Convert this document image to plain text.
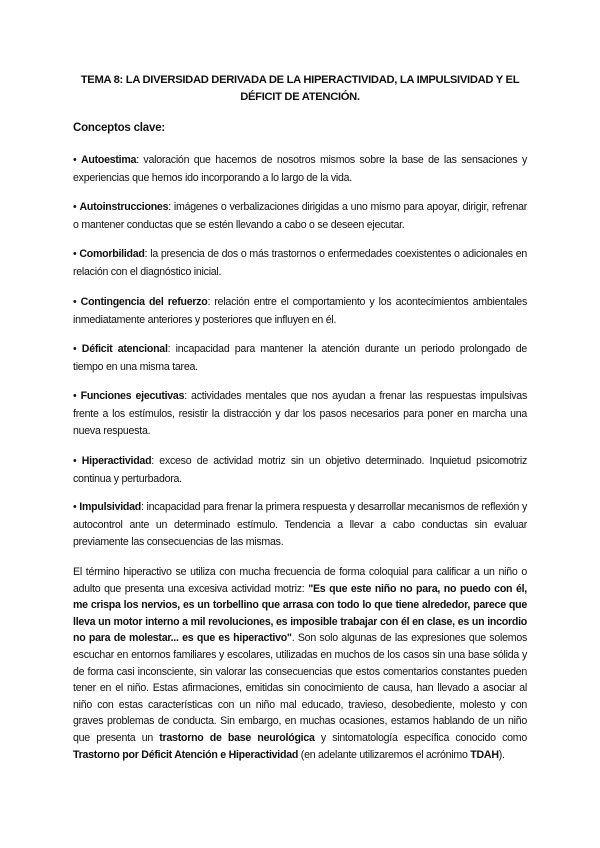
TEMA 8: LA DIVERSIDAD DERIVADA DE LA HIPERACTIVIDAD, LA IMPULSIVIDAD Y EL DÉFICIT DE ATENCIÓN.
Conceptos clave:
• Autoestima: valoración que hacemos de nosotros mismos sobre la base de las sensaciones y experiencias que hemos ido incorporando a lo largo de la vida.
• Autoinstrucciones: imágenes o verbalizaciones dirigidas a uno mismo para apoyar, dirigir, refrenar o mantener conductas que se estén llevando a cabo o se deseen ejecutar.
• Comorbilidad: la presencia de dos o más trastornos o enfermedades coexistentes o adicionales en relación con el diagnóstico inicial.
• Contingencia del refuerzo: relación entre el comportamiento y los acontecimientos ambientales inmediatamente anteriores y posteriores que influyen en él.
• Déficit atencional: incapacidad para mantener la atención durante un periodo prolongado de tiempo en una misma tarea.
• Funciones ejecutivas: actividades mentales que nos ayudan a frenar las respuestas impulsivas frente a los estímulos, resistir la distracción y dar los pasos necesarios para poner en marcha una nueva respuesta.
• Hiperactividad: exceso de actividad motriz sin un objetivo determinado. Inquietud psicomotriz continua y perturbadora.
• Impulsividad: incapacidad para frenar la primera respuesta y desarrollar mecanismos de reflexión y autocontrol ante un determinado estímulo. Tendencia a llevar a cabo conductas sin evaluar previamente las consecuencias de las mismas.
El término hiperactivo se utiliza con mucha frecuencia de forma coloquial para calificar a un niño o adulto que presenta una excesiva actividad motriz: "Es que este niño no para, no puedo con él, me crispa los nervios, es un torbellino que arrasa con todo lo que tiene alrededor, parece que lleva un motor interno a mil revoluciones, es imposible trabajar con él en clase, es un incordio no para de molestar... es que es hiperactivo". Son solo algunas de las expresiones que solemos escuchar en entornos familiares y escolares, utilizadas en muchos de los casos sin una base sólida y de forma casi inconsciente, sin valorar las consecuencias que estos comentarios constantes pueden tener en el niño. Estas afirmaciones, emitidas sin conocimiento de causa, han llevado a asociar al niño con estas características con un niño mal educado, travieso, desobediente, molesto y con graves problemas de conducta. Sin embargo, en muchas ocasiones, estamos hablando de un niño que presenta un trastorno de base neurológica y sintomatología específica conocido como Trastorno por Déficit Atención e Hiperactividad (en adelante utilizaremos el acrónimo TDAH).
